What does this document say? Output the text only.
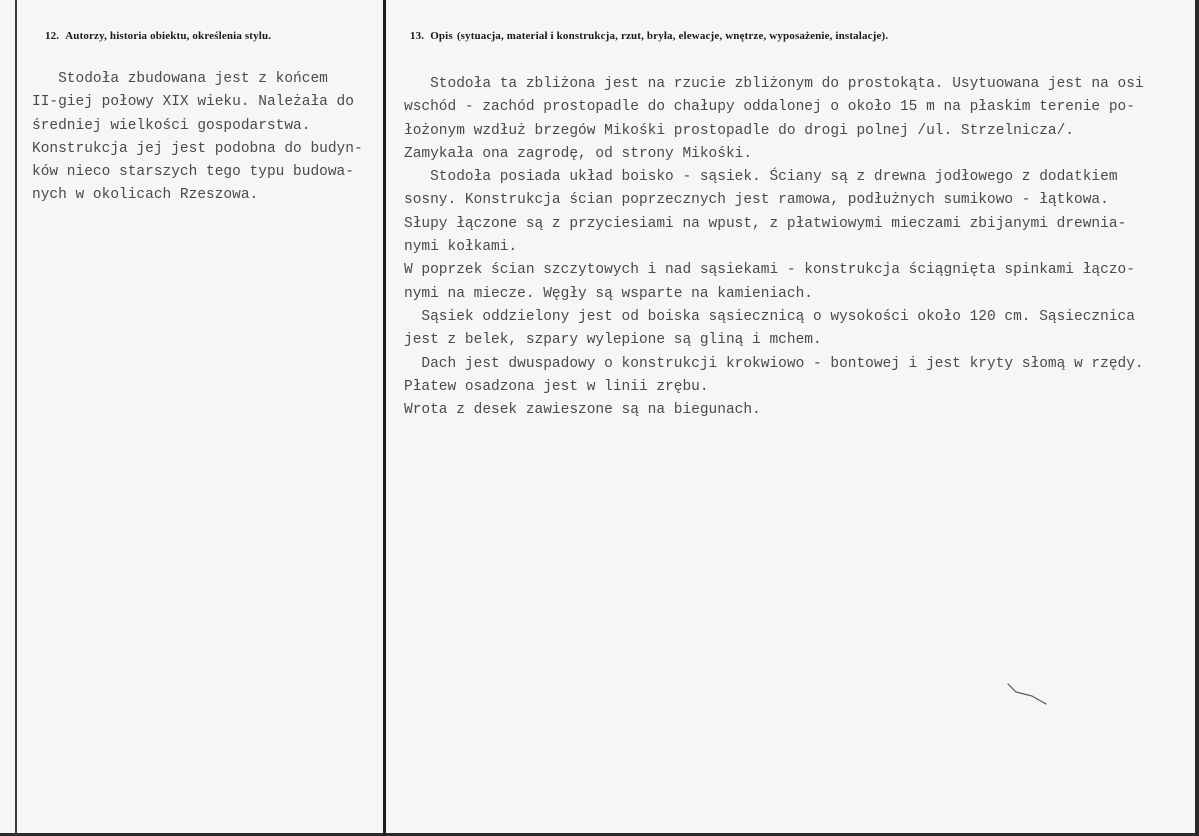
12. Autorzy, historia obiektu, określenia stylu.	13. Opis (sytuacja, materiał i konstrukcja, rzut, bryła, elewacje, wnętrze, wyposażenie, instalacje).
Stodoła zbudowana jest z końcem
II-giej połowy XIX wieku. Należała do
średniej wielkości gospodarstwa.
Konstrukcja jej jest podobna do budyn-
ków nieco starszych tego typu budowa-
nych w okolicach Rzeszowa.
Stodoła ta zbliżona jest na rzucie zbliżonym do prostokąta. Usytuowana jest na osi
wschód - zachód prostopadle do chałupy oddalonej o około 15 m na płaskim terenie po-
łożonym wzdłuż brzegów Mikośki prostopadle do drogi polnej /ul. Strzelnicza/.
Zamykała ona zagrodę, od strony Mikośki.
Stodoła posiada układ boisko - sąsiek. Ściany są z drewna jodłowego z dodatkiem
sosny. Konstrukcja ścian poprzecznych jest ramowa, podłużnych sumikowo - łątkowa.
Słupy łączone są z przyciesiami na wpust, z płatwiowymi mieczami zbijanymi drewnia-
nymi kołkami.
W poprzek ścian szczytowych i nad sąsiekami - konstrukcja ściągnięta spinkami łączo-
nymi na miecze. Węgły są wsparte na kamieniach.
Sąsiek oddzielony jest od boiska sąsiecznicą o wysokości około 120 cm. Sąsiecznica
jest z belek, szpary wylepione są gliną i mchem.
Dach jest dwuspadowy o konstrukcji krokwiowo - bontowej i jest kryty słomą w rzędy.
Płatew osadzona jest w linii zrębu.
Wrota z desek zawieszone są na biegunach.
